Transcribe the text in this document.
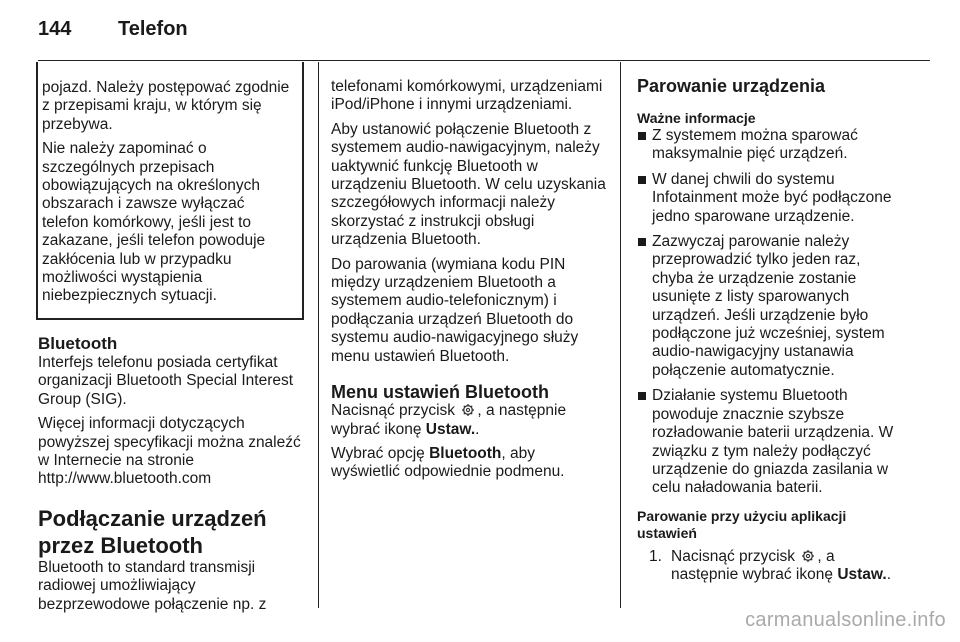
144 Telefon

pojazd. Należy postępować zgodnie z przepisami kraju, w którym się przebywa.

Nie należy zapominać o szczególnych przepisach obowiązujących na określonych obszarach i zawsze wyłączać telefon komórkowy, jeśli jest to zakazane, jeśli telefon powoduje zakłócenia lub w przypadku możliwości wystąpienia niebezpiecznych sytuacji.

Bluetooth

Interfejs telefonu posiada certyfikat organizacji Bluetooth Special Interest Group (SIG).

Więcej informacji dotyczących powyższej specyfikacji można znaleźć w Internecie na stronie http://www.bluetooth.com

Podłączanie urządzeń przez Bluetooth

Bluetooth to standard transmisji radiowej umożliwiający bezprzewodowe połączenie np. z

telefonami komórkowymi, urządzeniami iPod/iPhone i innymi urządzeniami.

Aby ustanowić połączenie Bluetooth z systemem audio-nawigacyjnym, należy uaktywnić funkcję Bluetooth w urządzeniu Bluetooth. W celu uzyskania szczegółowych informacji należy skorzystać z instrukcji obsługi urządzenia Bluetooth.

Do parowania (wymiana kodu PIN między urządzeniem Bluetooth a systemem audio-telefonicznym) i podłączania urządzeń Bluetooth do systemu audio-nawigacyjnego służy menu ustawień Bluetooth.

Menu ustawień Bluetooth

Nacisnąć przycisk , a następnie wybrać ikonę Ustaw..

Wybrać opcję Bluetooth, aby wyświetlić odpowiednie podmenu.

Parowanie urządzenia

Ważne informacje

Z systemem można sparować maksymalnie pięć urządzeń.
W danej chwili do systemu Infotainment może być podłączone jedno sparowane urządzenie.
Zazwyczaj parowanie należy przeprowadzić tylko jeden raz, chyba że urządzenie zostanie usunięte z listy sparowanych urządzeń. Jeśli urządzenie było podłączone już wcześniej, system audio-nawigacyjny ustanawia połączenie automatycznie.
Działanie systemu Bluetooth powoduje znacznie szybsze rozładowanie baterii urządzenia. W związku z tym należy podłączyć urządzenie do gniazda zasilania w celu naładowania baterii.

Parowanie przy użyciu aplikacji ustawień

1. Nacisnąć przycisk , a następnie wybrać ikonę Ustaw..
carmanualsonline.info
